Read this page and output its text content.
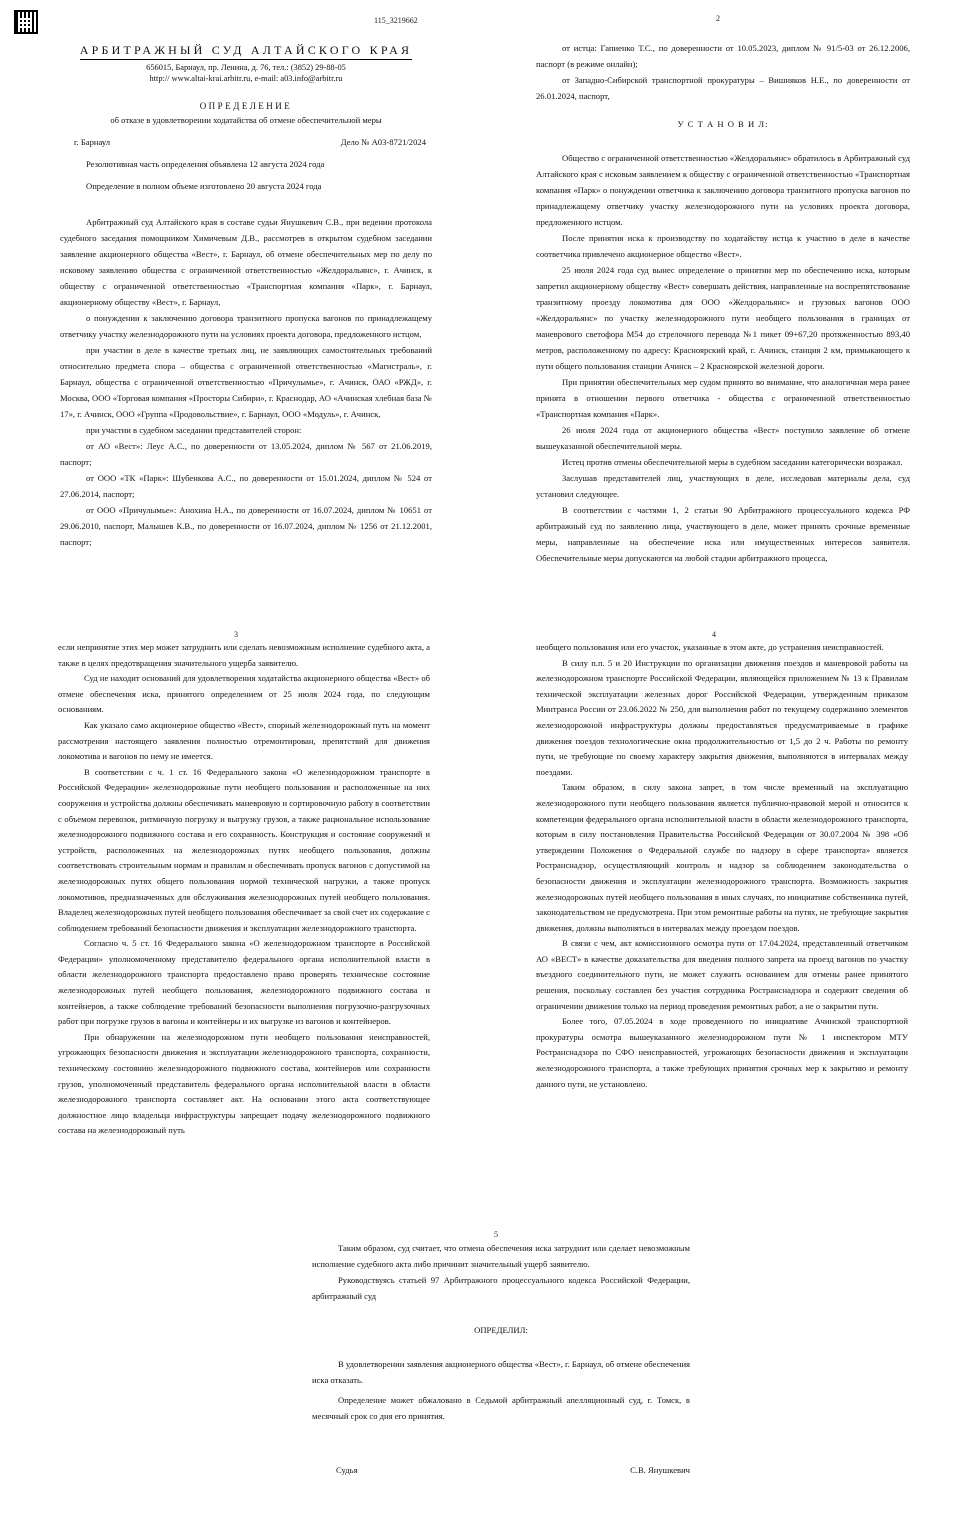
115_3219662	2
3	4
5
АРБИТРАЖНЫЙ СУД АЛТАЙСКОГО КРАЯ
656015, Барнаул, пр. Ленина, д. 76, тел.: (3852) 29-88-05
http:// www.altai-krai.arbitr.ru, e-mail: a03.info@arbitr.ru
ОПРЕДЕЛЕНИЕ
об отказе в удовлетворении ходатайства об отмене обеспечительной меры
г. Барнаул	Дело № А03-8721/2024

Резолютивная часть определения объявлена 12 августа 2024 года

Определение в полном объеме изготовлено 20 августа 2024 года

Арбитражный суд Алтайского края в составе судьи Янушкевич С.В., при ведении протокола судебного заседания помощником Химичевым Д.В., рассмотрев в открытом судебном заседании заявление акционерного общества «Вест», г. Барнаул, об отмене обеспечительных мер по делу по исковому заявлению общества с ограниченной ответственностью «Желдоральянс», г. Ачинск, к обществу с ограниченной ответственностью «Транспортная компания «Парк», г. Барнаул, акционерному обществу «Вест», г. Барнаул,

о понуждении к заключению договора транзитного пропуска вагонов по принадлежащему ответчику участку железнодорожного пути на условиях проекта договора, предложенного истцом,

при участии в деле в качестве третьих лиц, не заявляющих самостоятельных требований относительно предмета спора – общества с ограниченной ответственностью «Магистраль», г. Барнаул, общества с ограниченной ответственностью «Причулымье», г. Ачинск, ОАО «РЖД», г. Москва, ООО «Торговая компания «Просторы Сибири», г. Краснодар, АО «Ачинская хлебная база № 17», г. Ачинск, ООО «Группа «Продовольствие», г. Барнаул, ООО «Модуль», г. Ачинск,

при участии в судебном заседании представителей сторон:

от АО «Вест»: Леус А.С., по доверенности от 13.05.2024, диплом № 567 от 21.06.2019, паспорт;

от ООО «ТК «Парк»: Шубенкова А.С., по доверенности от 15.01.2024, диплом № 524 от 27.06.2014, паспорт;

от ООО «Причулымье»: Анохина Н.А., по доверенности от 16.07.2024, диплом № 10651 от 29.06.2010, паспорт, Малышев К.В., по доверенности от 16.07.2024, диплом № 1256 от 21.12.2001, паспорт;

от истца: Гапиенко Т.С., по доверенности от 10.05.2023, диплом № 91/5-03 от 26.12.2006, паспорт (в режиме онлайн);

от Западно-Сибирской транспортной прокуратуры – Вишняков Н.Е., по доверенности от 26.01.2024, паспорт,

У С Т А Н О В И Л:

Общество с ограниченной ответственностью «Желдоральянс» обратилось в Арбитражный суд Алтайского края с исковым заявлением к обществу с ограниченной ответственностью «Транспортная компания «Парк» о понуждении ответчика к заключению договора транзитного пропуска вагонов по принадлежащему ответчику участку железнодорожного пути на условиях проекта договора, предложенного истцом.

После принятия иска к производству по ходатайству истца к участию в деле в качестве соответчика привлечено акционерное общество «Вест».

25 июля 2024 года суд вынес определение о принятии мер по обеспечению иска, которым запретил акционерному обществу «Вест» совершать действия, направленные на воспрепятствование транзитному проезду локомотива для ООО «Желдоральянс» и грузовых вагонов ООО «Желдоральянс» по участку железнодорожного пути необщего пользования в границах от маневрового светофора М54 до стрелочного перевода №1 пикет 09+67,20 протяженностью 893,40 метров, расположенному по адресу: Красноярский край, г. Ачинск, станция 2 км, примыкающего к пути общего пользования станции Ачинск – 2 Красноярской железной дороги.

При принятии обеспечительных мер судом принято во внимание, что аналогичная мера ранее принята в отношении первого ответчика - общества с ограниченной ответственностью «Транспортная компания «Парк».

26 июля 2024 года от акционерного общества «Вест» поступило заявление об отмене вышеуказанной обеспечительной меры.

Истец против отмены обеспечительной меры в судебном заседании категорически возражал.

Заслушав представителей лиц, участвующих в деле, исследовав материалы дела, суд установил следующее.

В соответствии с частями 1, 2 статьи 90 Арбитражного процессуального кодекса РФ арбитражный суд по заявлению лица, участвующего в деле, может принять срочные временные меры, направленные на обеспечение иска или имущественных интересов заявителя. Обеспечительные меры допускаются на любой стадии арбитражного процесса,

если непринятие этих мер может затруднить или сделать невозможным исполнение судебного акта, а также в целях предотвращения значительного ущерба заявителю.

Суд не находит оснований для удовлетворения ходатайства акционерного общества «Вест» об отмене обеспечения иска, принятого определением от 25 июля 2024 года, по следующим основаниям.

Как указало само акционерное общество «Вест», спорный железнодорожный путь на момент рассмотрения настоящего заявления полностью отремонтирован, препятствий для движения локомотива и вагонов по нему не имеется.

В соответствии с ч. 1 ст. 16 Федерального закона «О железнодорожном транспорте в Российской Федерации» железнодорожные пути необщего пользования и расположенные на них сооружения и устройства должны обеспечивать маневровую и сортировочную работу в соответствии с объемом перевозок, ритмичную погрузку и выгрузку грузов, а также рациональное использование железнодорожного подвижного состава и его сохранность. Конструкция и состояние сооружений и устройств, расположенных на железнодорожных путях необщего пользования, должны соответствовать строительным нормам и правилам и обеспечивать пропуск вагонов с допустимой на железнодорожных путях общего пользования нормой технической нагрузки, а также пропуск локомотивов, предназначенных для обслуживания железнодорожных путей необщего пользования. Владелец железнодорожных путей необщего пользования обеспечивает за свой счет их содержание с соблюдением требований безопасности движения и эксплуатации железнодорожного транспорта.

Согласно ч. 5 ст. 16 Федерального закона «О железнодорожном транспорте в Российской Федерации» уполномоченному представителю федерального органа исполнительной власти в области железнодорожного транспорта предоставлено право проверять техническое состояние железнодорожных путей необщего пользования, железнодорожного подвижного состава и контейнеров, а также соблюдение требований безопасности выполнения погрузочно-разгрузочных работ при погрузке грузов в вагоны и контейнеры и их выгрузке из вагонов и контейнеров.

При обнаружении на железнодорожном пути необщего пользования неисправностей, угрожающих безопасности движения и эксплуатации железнодорожного транспорта, сохранности, техническому состоянию железнодорожного подвижного состава, контейнеров или сохранности грузов, уполномоченный представитель федерального органа исполнительной власти в области железнодорожного транспорта составляет акт. На основании этого акта соответствующее должностное лицо владельца инфраструктуры запрещает подачу железнодорожного подвижного состава на железнодорожный путь

необщего пользования или его участок, указанные в этом акте, до устранения неисправностей.

В силу п.п. 5 и 20 Инструкции по организации движения поездов и маневровой работы на железнодорожном транспорте Российской Федерации, являющейся приложением № 13 к Правилам технической эксплуатации железных дорог Российской Федерации, утвержденным приказом Минтранса России от 23.06.2022 № 250, для выполнения работ по текущему содержанию элементов железнодорожной инфраструктуры должны предоставляться предусматриваемые в графике движения поездов технологические окна продолжительностью от 1,5 до 2 ч. Работы по ремонту пути, не требующие по своему характеру закрытия движения, выполняются в интервалах между поездами.

Таким образом, в силу закона запрет, в том числе временный на эксплуатацию железнодорожного пути необщего пользования является публично-правовой мерой и относится к компетенции федерального органа исполнительной власти в области железнодорожного транспорта, которым в силу постановления Правительства Российской Федерации от 30.07.2004 № 398 «Об утверждении Положения о Федеральной службе по надзору в сфере транспорта» является Ространснадзор, осуществляющий контроль и надзор за соблюдением законодательства о безопасности движения и эксплуатации железнодорожного транспорта. Возможность закрытия железнодорожных путей необщего пользования в иных случаях, по инициативе собственника путей, законодательством не предусмотрена. При этом ремонтные работы на путях, не требующие закрытия движения, должны выполняться в интервалах между проездом поездов.

В связи с чем, акт комиссионного осмотра пути от 17.04.2024, представленный ответчиком АО «ВЕСТ» в качестве доказательства для введения полного запрета на проезд вагонов по участку въездного соединительного пути, не может служить основанием для отмены ранее принятого решения, поскольку составлен без участия сотрудника Ространснадзора и содержит сведения об ограничении движения только на период проведения ремонтных работ, а не о закрытии пути.

Более того, 07.05.2024 в ходе проведенного по инициативе Ачинской транспортной прокуратуры осмотра вышеуказанного железнодорожном пути № 1 инспектором МТУ Ространснадзора по СФО неисправностей, угрожающих безопасности движения и эксплуатации железнодорожного транспорта, а также требующих принятия срочных мер к закрытию и ремонту данного пути, не установлено.

Таким образом, суд считает, что отмена обеспечения иска затруднит или сделает невозможным исполнение судебного акта либо причинит значительный ущерб заявителю.

Руководствуясь статьей 97 Арбитражного процессуального кодекса Российской Федерации, арбитражный суд

ОПРЕДЕЛИЛ:

В удовлетворении заявления акционерного общества «Вест», г. Барнаул, об отмене обеспечения иска отказать.

Определение может обжаловано в Седьмой арбитражный апелляционный суд, г. Томск, в месячный срок со дня его принятия.

Судья	С.В. Янушкевич
